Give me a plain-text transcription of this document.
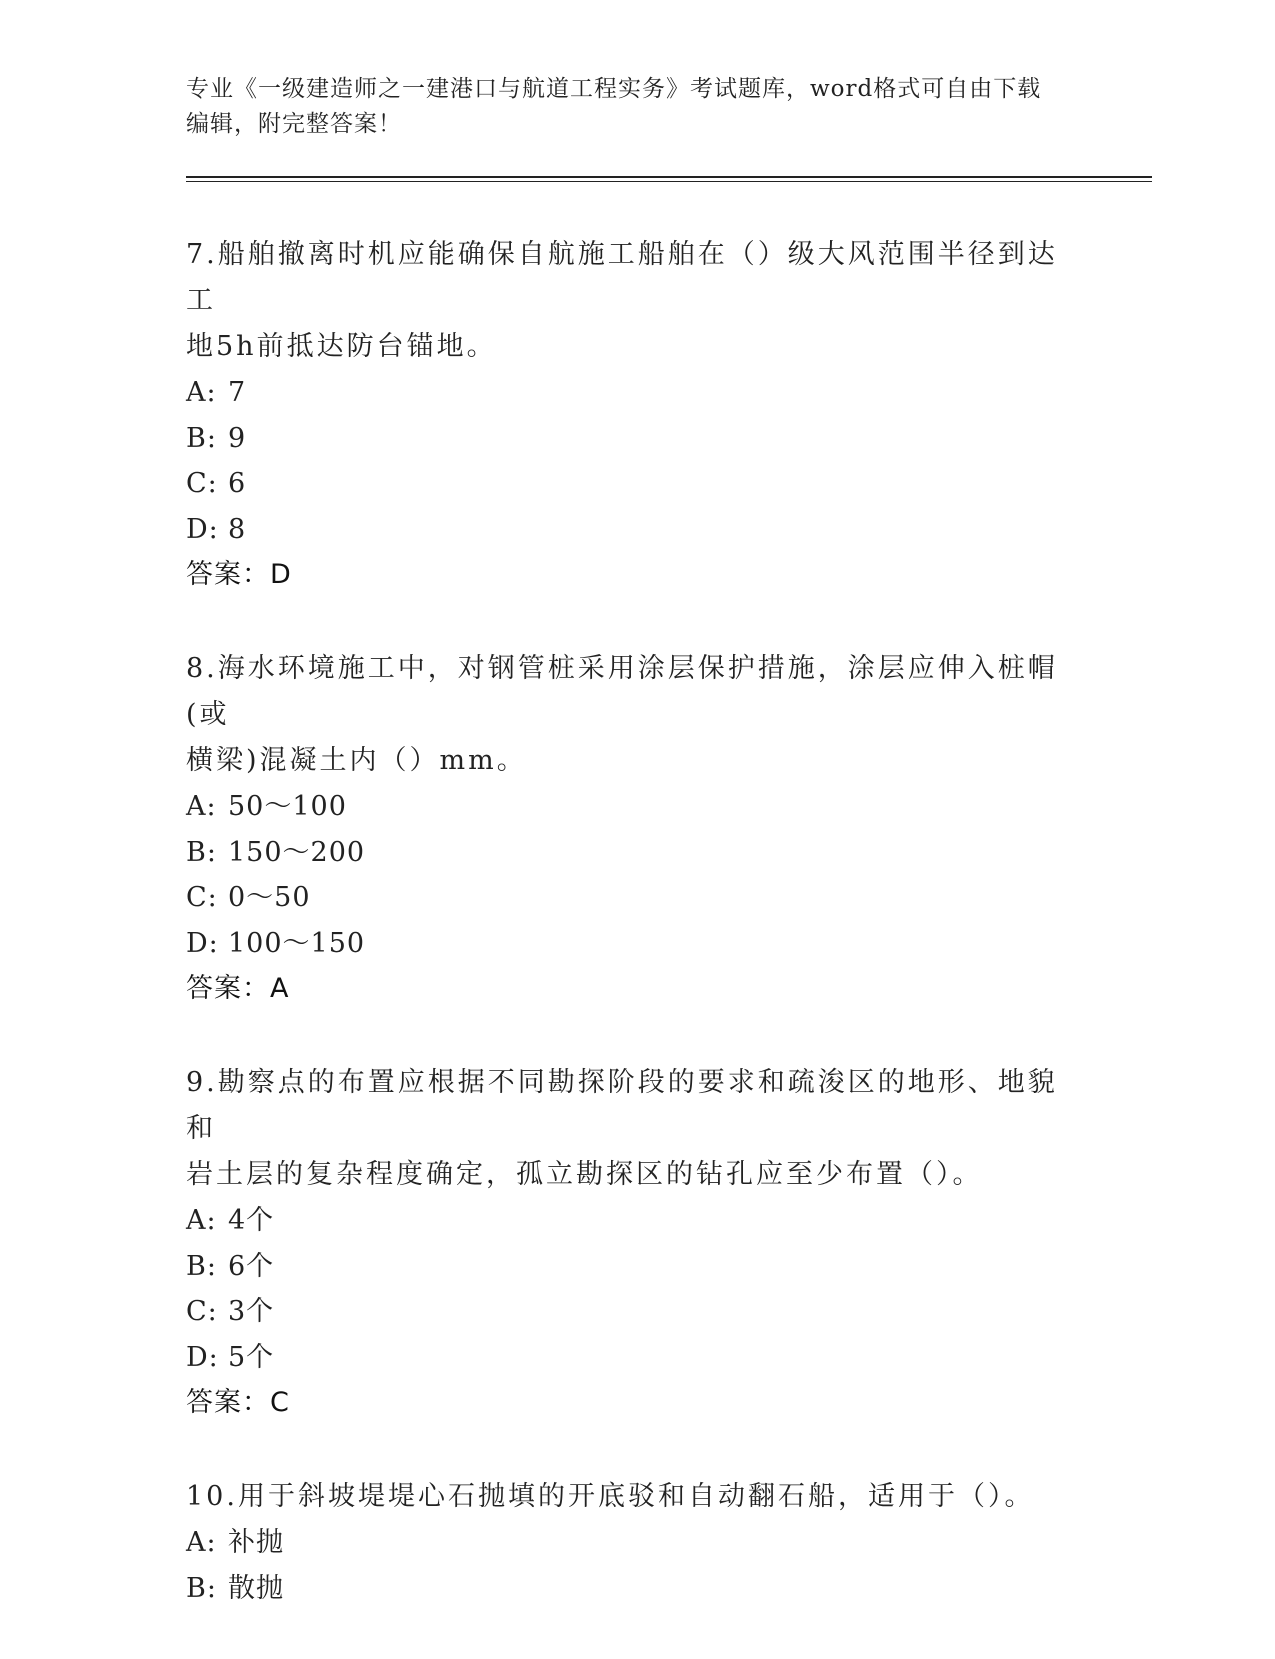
专业《一级建造师之一建港口与航道工程实务》考试题库，word格式可自由下载
编辑，附完整答案！

7.船舶撤离时机应能确保自航施工船舶在（）级大风范围半径到达工

地5h前抵达防台锚地。

A: 7

B: 9

C: 6

D: 8

答案：D

8.海水环境施工中，对钢管桩采用涂层保护措施，涂层应伸入桩帽(或

横梁)混凝土内（）mm。

A: 50～100

B: 150～200

C: 0～50

D: 100～150

答案：A

9.勘察点的布置应根据不同勘探阶段的要求和疏浚区的地形、地貌和

岩土层的复杂程度确定，孤立勘探区的钻孔应至少布置（）。

A: 4个

B: 6个

C: 3个

D: 5个

答案：C

10.用于斜坡堤堤心石抛填的开底驳和自动翻石船，适用于（）。

A: 补抛

B: 散抛
